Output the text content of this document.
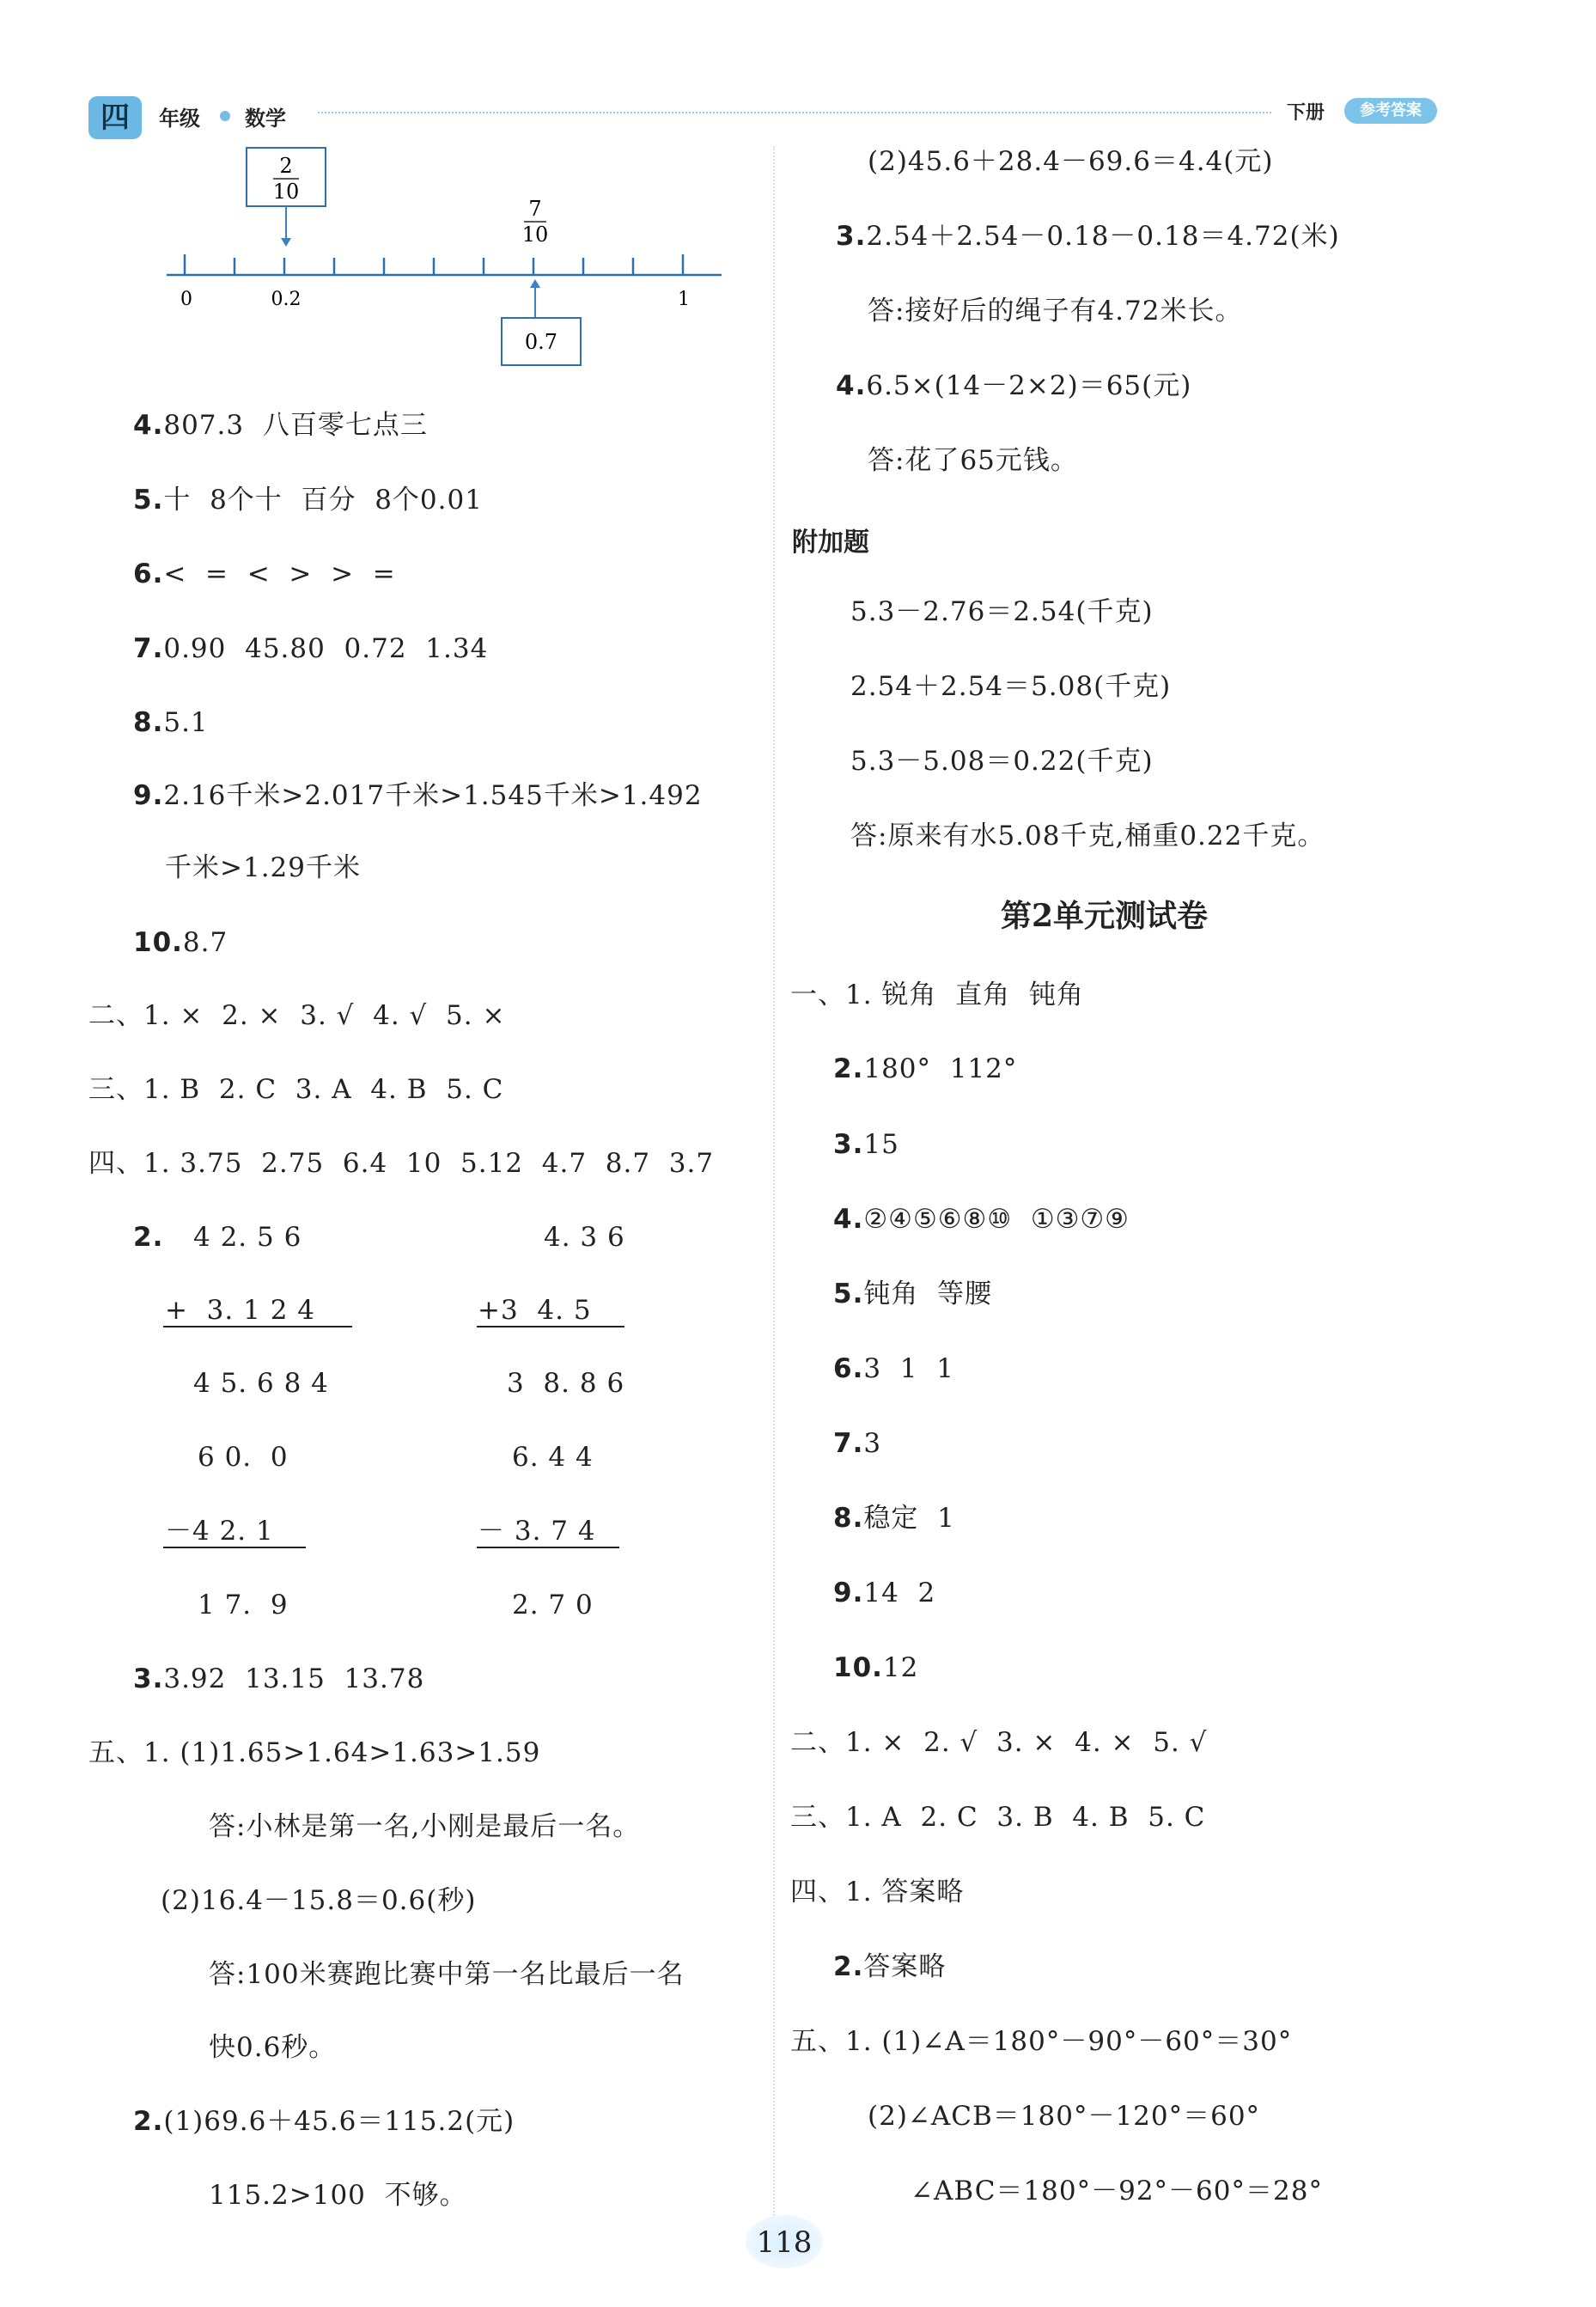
四	年级 数学	下册	参考答案
2
10
7
10
0	0.2	1
0.7
4.807.3  八百零七点三
5.十  8个十  百分  8个0.01
6.<  =  <  >  >  =
7.0.90  45.80  0.72  1.34
8.5.1
9.2.16千米>2.017千米>1.545千米>1.492
千米>1.29千米
10.8.7
二、1. ×  2. ×  3. √  4. √  5. ×
三、1. B  2. C  3. A  4. B  5. C
四、1. 3.75  2.75  6.4  10  5.12  4.7  8.7  3.7
2. 4 2. 5 6
+  3. 1 2 4
4 5. 6 8 4
4. 3 6
+3  4. 5
3  8. 8 6
6 0.  0
－4 2. 1
1 7.  9
6. 4 4
－ 3. 7 4
2. 7 0
3.3.92  13.15  13.78
五、1. (1)1.65>1.64>1.63>1.59
答:小林是第一名,小刚是最后一名。
(2)16.4－15.8＝0.6(秒)
答:100米赛跑比赛中第一名比最后一名
快0.6秒。
2.(1)69.6＋45.6＝115.2(元)
115.2>100  不够。
(2)45.6＋28.4－69.6＝4.4(元)
3.2.54＋2.54－0.18－0.18＝4.72(米)
答:接好后的绳子有4.72米长。
4.6.5×(14－2×2)＝65(元)
答:花了65元钱。
附加题
5.3－2.76＝2.54(千克)
2.54＋2.54＝5.08(千克)
5.3－5.08＝0.22(千克)
答:原来有水5.08千克,桶重0.22千克。
第2单元测试卷
一、1. 锐角  直角  钝角
2.180°  112°
3.15
4.②④⑤⑥⑧⑩  ①③⑦⑨
5.钝角  等腰
6.3  1  1
7.3
8.稳定  1
9.14  2
10.12
二、1. ×  2. √  3. ×  4. ×  5. √
三、1. A  2. C  3. B  4. B  5. C
四、1. 答案略
2.答案略
五、1. (1)∠A＝180°－90°－60°＝30°
(2)∠ACB＝180°－120°＝60°
∠ABC＝180°－92°－60°＝28°
118
